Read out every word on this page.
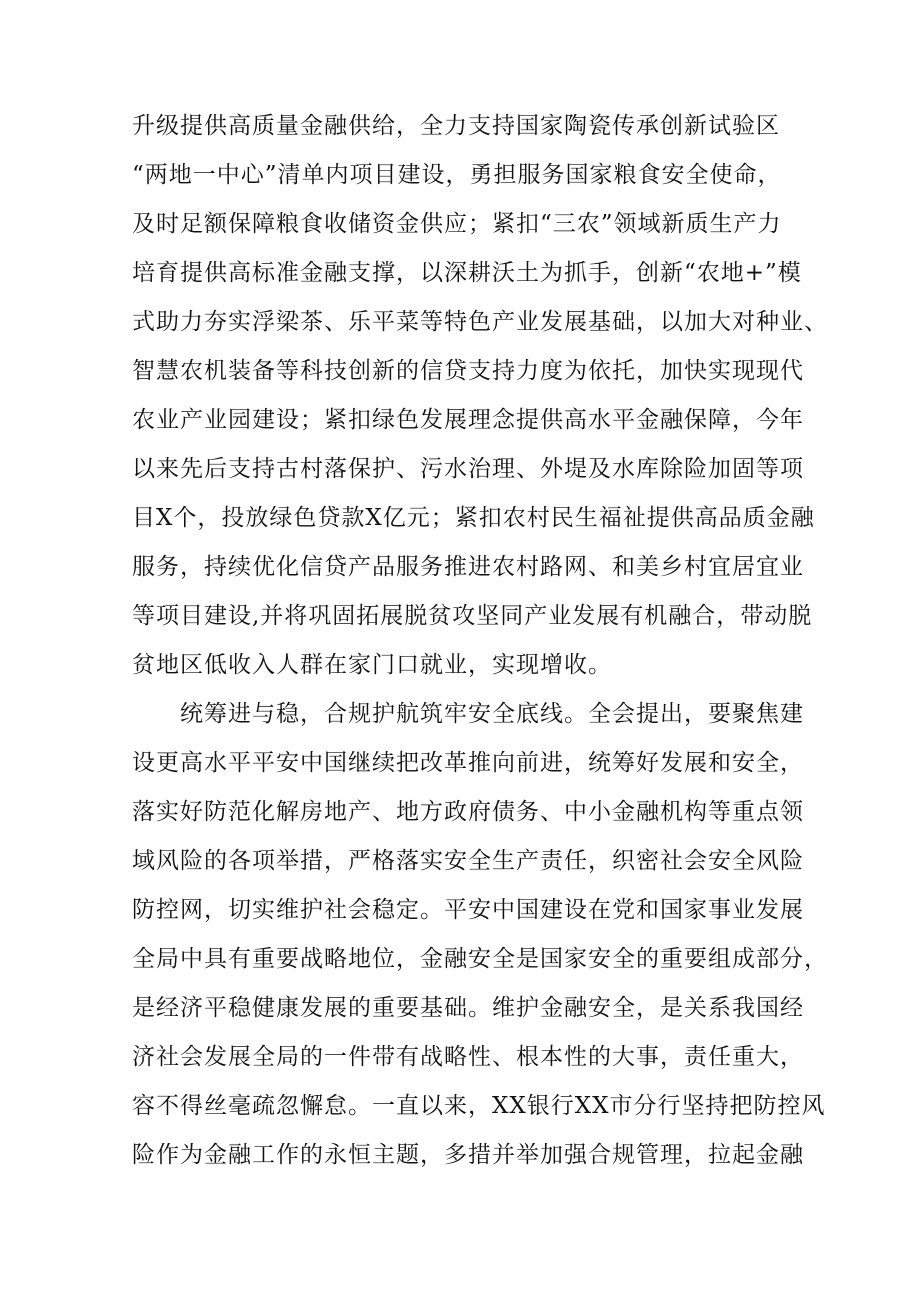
升级提供高质量金融供给，全力支持国家陶瓷传承创新试验区
“两地一中心”清单内项目建设，勇担服务国家粮食安全使命，
及时足额保障粮食收储资金供应；紧扣“三农”领域新质生产力
培育提供高标准金融支撑，以深耕沃土为抓手，创新“农地+”模
式助力夯实浮梁茶、乐平菜等特色产业发展基础，以加大对种业、
智慧农机装备等科技创新的信贷支持力度为依托，加快实现现代
农业产业园建设；紧扣绿色发展理念提供高水平金融保障，今年
以来先后支持古村落保护、污水治理、外堤及水库除险加固等项
目X个，投放绿色贷款X亿元；紧扣农村民生福祉提供高品质金融
服务，持续优化信贷产品服务推进农村路网、和美乡村宜居宜业
等项目建设,并将巩固拓展脱贫攻坚同产业发展有机融合，带动脱
贫地区低收入人群在家门口就业，实现增收。
统筹进与稳，合规护航筑牢安全底线。全会提出，要聚焦建
设更高水平平安中国继续把改革推向前进，统筹好发展和安全，
落实好防范化解房地产、地方政府债务、中小金融机构等重点领
域风险的各项举措，严格落实安全生产责任，织密社会安全风险
防控网，切实维护社会稳定。平安中国建设在党和国家事业发展
全局中具有重要战略地位，金融安全是国家安全的重要组成部分，
是经济平稳健康发展的重要基础。维护金融安全，是关系我国经
济社会发展全局的一件带有战略性、根本性的大事，责任重大，
容不得丝毫疏忽懈怠。一直以来，XX银行XX市分行坚持把防控风
险作为金融工作的永恒主题，多措并举加强合规管理，拉起金融
